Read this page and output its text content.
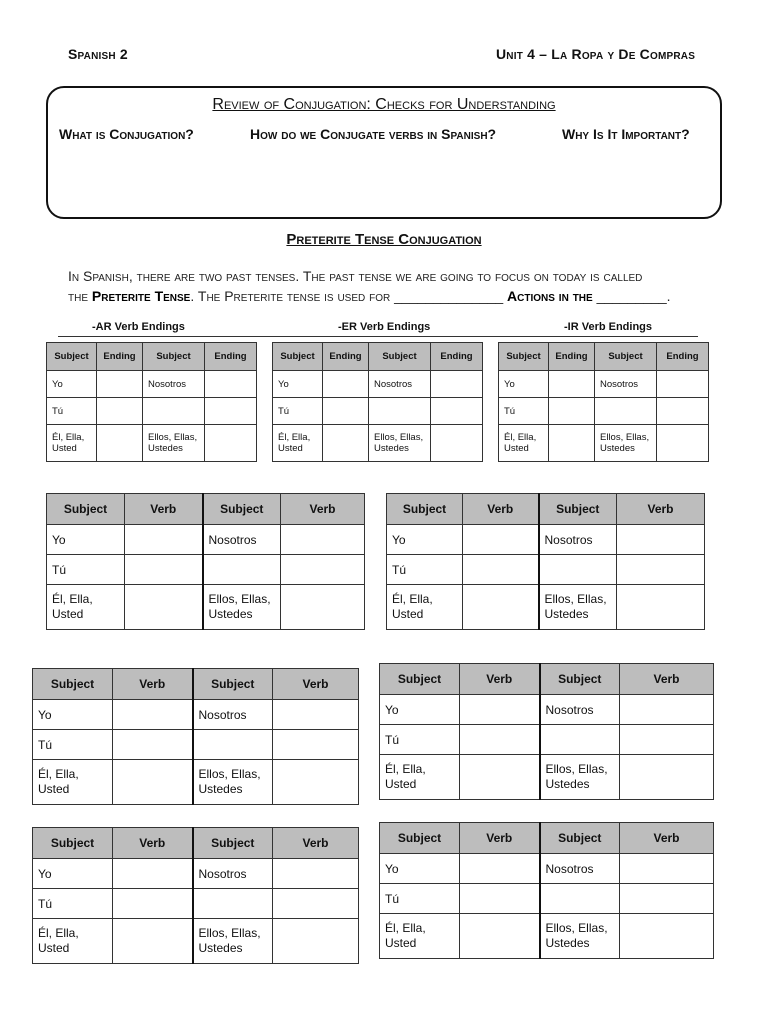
Spanish 2	Unit 4 – La Ropa y De Compras
Review of Conjugation: Checks for Understanding
What is Conjugation?	How do we Conjugate verbs in Spanish?	Why Is It Important?
Preterite Tense Conjugation
In Spanish, there are two past tenses. The past tense we are going to focus on today is called
the Preterite Tense. The Preterite tense is used for ______________ Actions in the _________.
-AR Verb Endings	-ER Verb Endings	-IR Verb Endings
Subject	Ending	Subject	Ending
Yo		Nosotros	
Tú			
Él, Ella,
Usted		Ellos, Ellas,
Ustedes	
Subject	Ending	Subject	Ending
Yo		Nosotros	
Tú			
Él, Ella,
Usted		Ellos, Ellas,
Ustedes	
Subject	Ending	Subject	Ending
Yo		Nosotros	
Tú			
Él, Ella,
Usted		Ellos, Ellas,
Ustedes	
Subject	Verb	Subject	Verb
Yo		Nosotros	
Tú			
Él, Ella,
Usted		Ellos, Ellas,
Ustedes	
Subject	Verb	Subject	Verb
Yo		Nosotros	
Tú			
Él, Ella,
Usted		Ellos, Ellas,
Ustedes	
Subject	Verb	Subject	Verb
Yo		Nosotros	
Tú			
Él, Ella,
Usted		Ellos, Ellas,
Ustedes	
Subject	Verb	Subject	Verb
Yo		Nosotros	
Tú			
Él, Ella,
Usted		Ellos, Ellas,
Ustedes	
Subject	Verb	Subject	Verb
Yo		Nosotros	
Tú			
Él, Ella,
Usted		Ellos, Ellas,
Ustedes	
Subject	Verb	Subject	Verb
Yo		Nosotros	
Tú			
Él, Ella,
Usted		Ellos, Ellas,
Ustedes	
